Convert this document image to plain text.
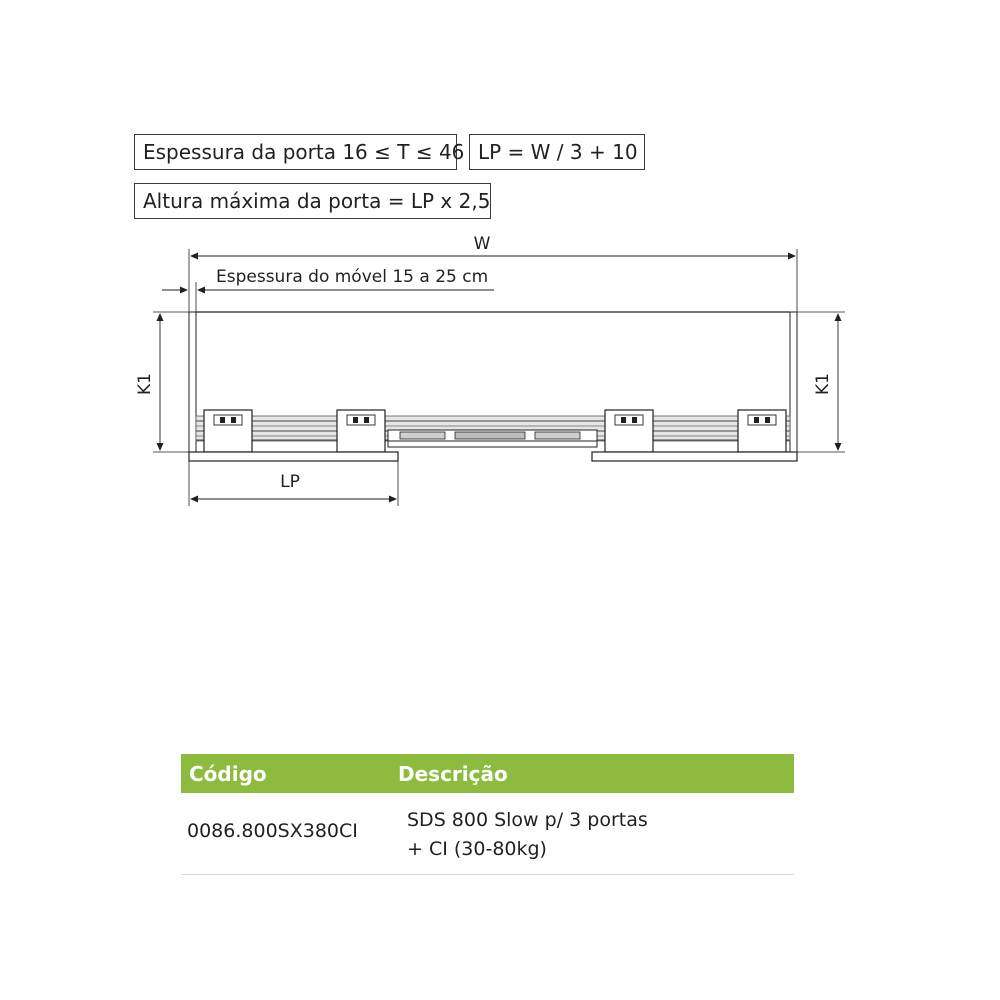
Espessura da porta 16 ≤ T ≤ 46 LP = W / 3 + 10
Altura máxima da porta = LP x 2,5
W
Espessura do móvel 15 a 25 cm
K1	K1
LP
Código	Descrição
0086.800SX380CI	SDS 800 Slow p/ 3 portas
+ CI (30-80kg)
